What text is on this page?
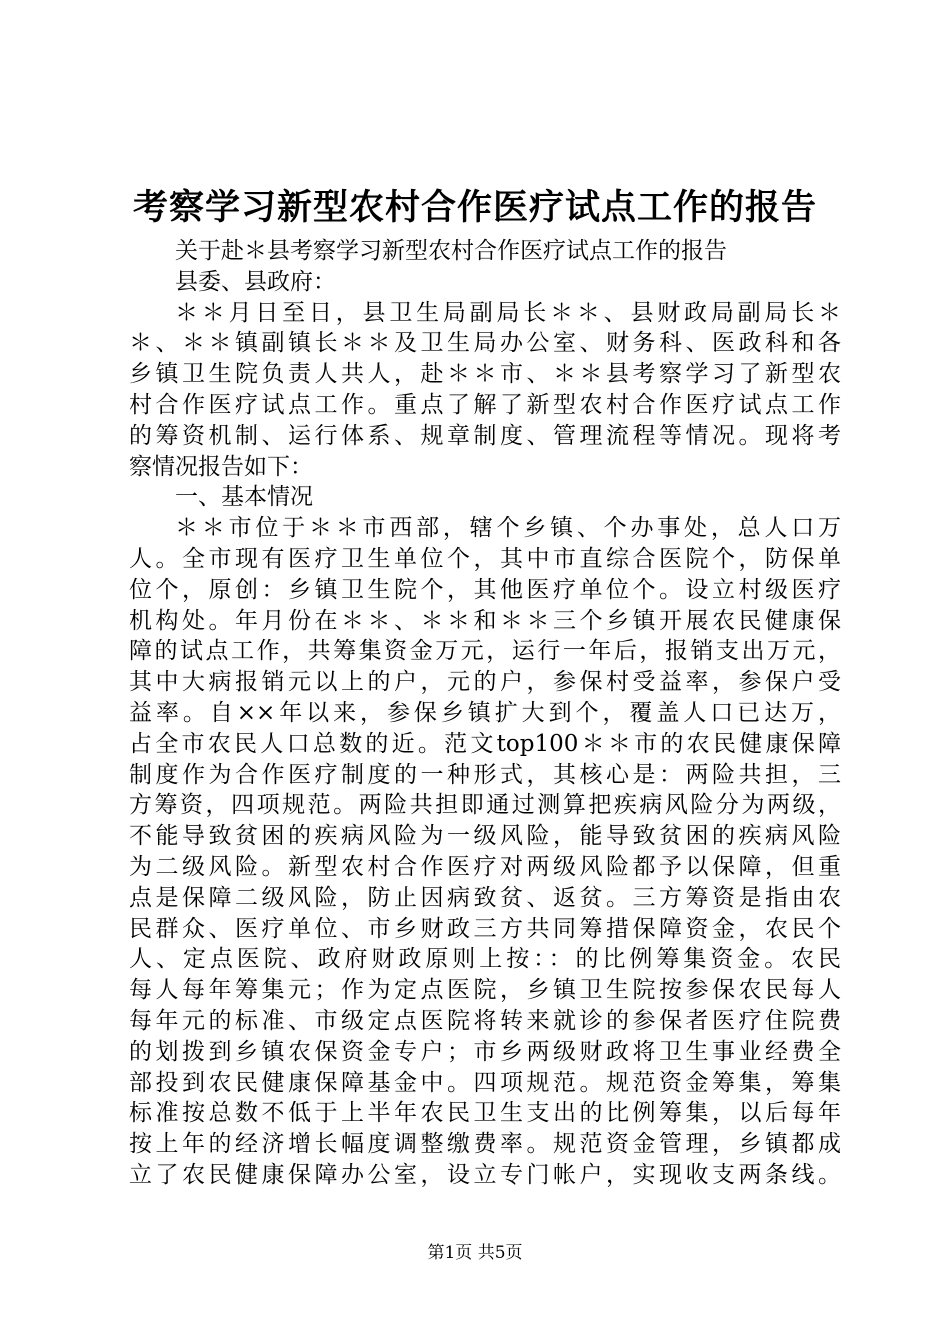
考察学习新型农村合作医疗试点工作的报告

关于赴＊县考察学习新型农村合作医疗试点工作的报告

县委、县政府：

＊＊月日至日，县卫生局副局长＊＊、县财政局副局长＊

＊、＊＊镇副镇长＊＊及卫生局办公室、财务科、医政科和各

乡镇卫生院负责人共人，赴＊＊市、＊＊县考察学习了新型农

村合作医疗试点工作。重点了解了新型农村合作医疗试点工作

的筹资机制、运行体系、规章制度、管理流程等情况。现将考

察情况报告如下：

一、基本情况

＊＊市位于＊＊市西部，辖个乡镇、个办事处，总人口万

人。全市现有医疗卫生单位个，其中市直综合医院个，防保单

位个，原创：乡镇卫生院个，其他医疗单位个。设立村级医疗

机构处。年月份在＊＊、＊＊和＊＊三个乡镇开展农民健康保

障的试点工作，共筹集资金万元，运行一年后，报销支出万元，

其中大病报销元以上的户，元的户，参保村受益率，参保户受

益率。自××年以来，参保乡镇扩大到个，覆盖人口已达万，

占全市农民人口总数的近。范文top100＊＊市的农民健康保障

制度作为合作医疗制度的一种形式，其核心是：两险共担，三

方筹资，四项规范。两险共担即通过测算把疾病风险分为两级，

不能导致贫困的疾病风险为一级风险，能导致贫困的疾病风险

为二级风险。新型农村合作医疗对两级风险都予以保障，但重

点是保障二级风险，防止因病致贫、返贫。三方筹资是指由农

民群众、医疗单位、市乡财政三方共同筹措保障资金，农民个

人、定点医院、政府财政原则上按：：的比例筹集资金。农民

每人每年筹集元；作为定点医院，乡镇卫生院按参保农民每人

每年元的标准、市级定点医院将转来就诊的参保者医疗住院费

的划拨到乡镇农保资金专户；市乡两级财政将卫生事业经费全

部投到农民健康保障基金中。四项规范。规范资金筹集，筹集

标准按总数不低于上半年农民卫生支出的比例筹集，以后每年

按上年的经济增长幅度调整缴费率。规范资金管理，乡镇都成

立了农民健康保障办公室，设立专门帐户，实现收支两条线。

第1页 共5页
